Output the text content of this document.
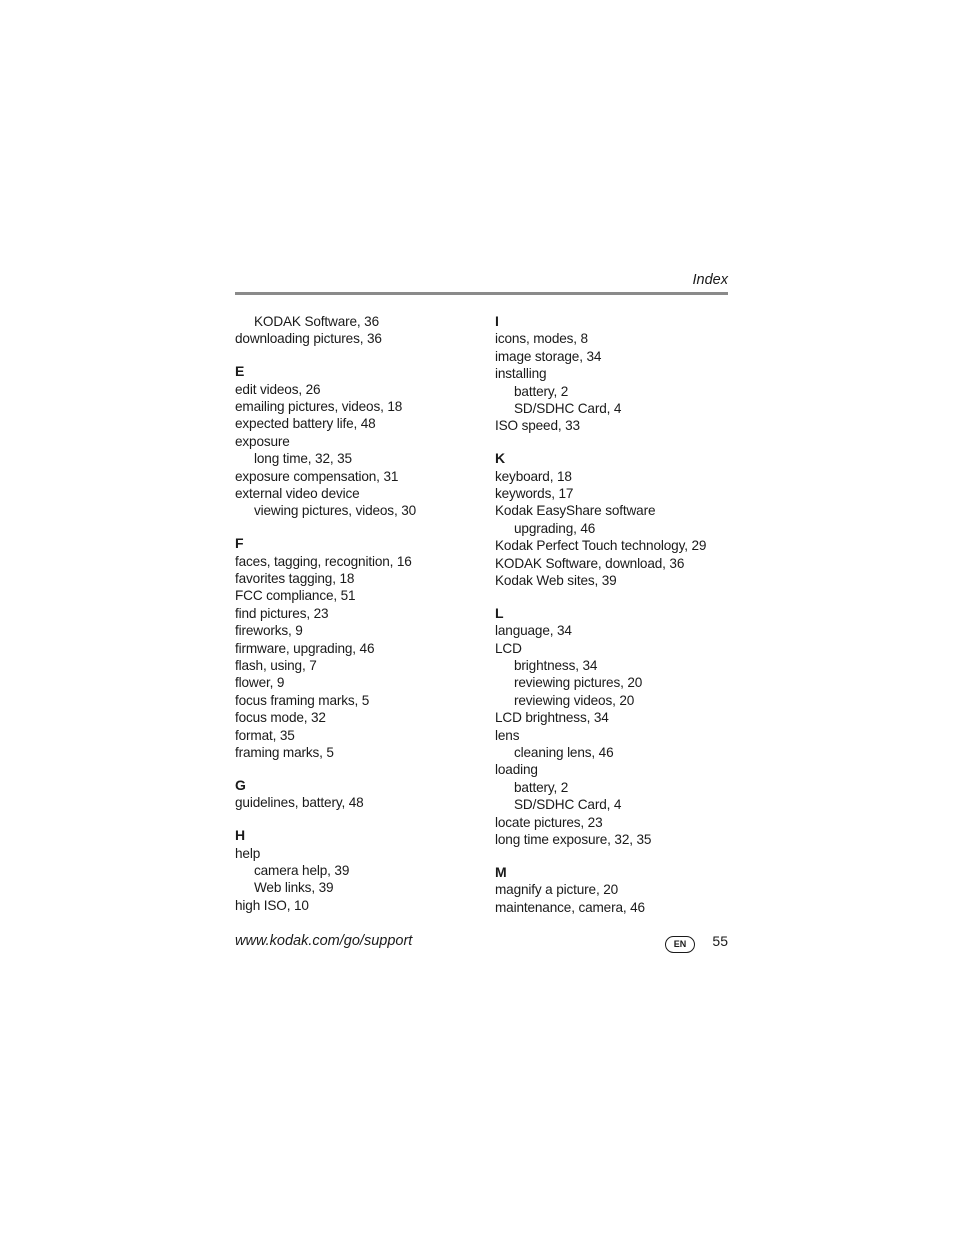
Index
KODAK Software, 36
downloading pictures, 36
E
edit videos, 26
emailing pictures, videos, 18
expected battery life, 48
exposure
long time, 32, 35
exposure compensation, 31
external video device
viewing pictures, videos, 30
F
faces, tagging, recognition, 16
favorites tagging, 18
FCC compliance, 51
find pictures, 23
fireworks, 9
firmware, upgrading, 46
flash, using, 7
flower, 9
focus framing marks, 5
focus mode, 32
format, 35
framing marks, 5
G
guidelines, battery, 48
H
help
camera help, 39
Web links, 39
high ISO, 10
I
icons, modes, 8
image storage, 34
installing
battery, 2
SD/SDHC Card, 4
ISO speed, 33
K
keyboard, 18
keywords, 17
Kodak EasyShare software
upgrading, 46
Kodak Perfect Touch technology, 29
KODAK Software, download, 36
Kodak Web sites, 39
L
language, 34
LCD
brightness, 34
reviewing pictures, 20
reviewing videos, 20
LCD brightness, 34
lens
cleaning lens, 46
loading
battery, 2
SD/SDHC Card, 4
locate pictures, 23
long time exposure, 32, 35
M
magnify a picture, 20
maintenance, camera, 46
www.kodak.com/go/support	EN	55
